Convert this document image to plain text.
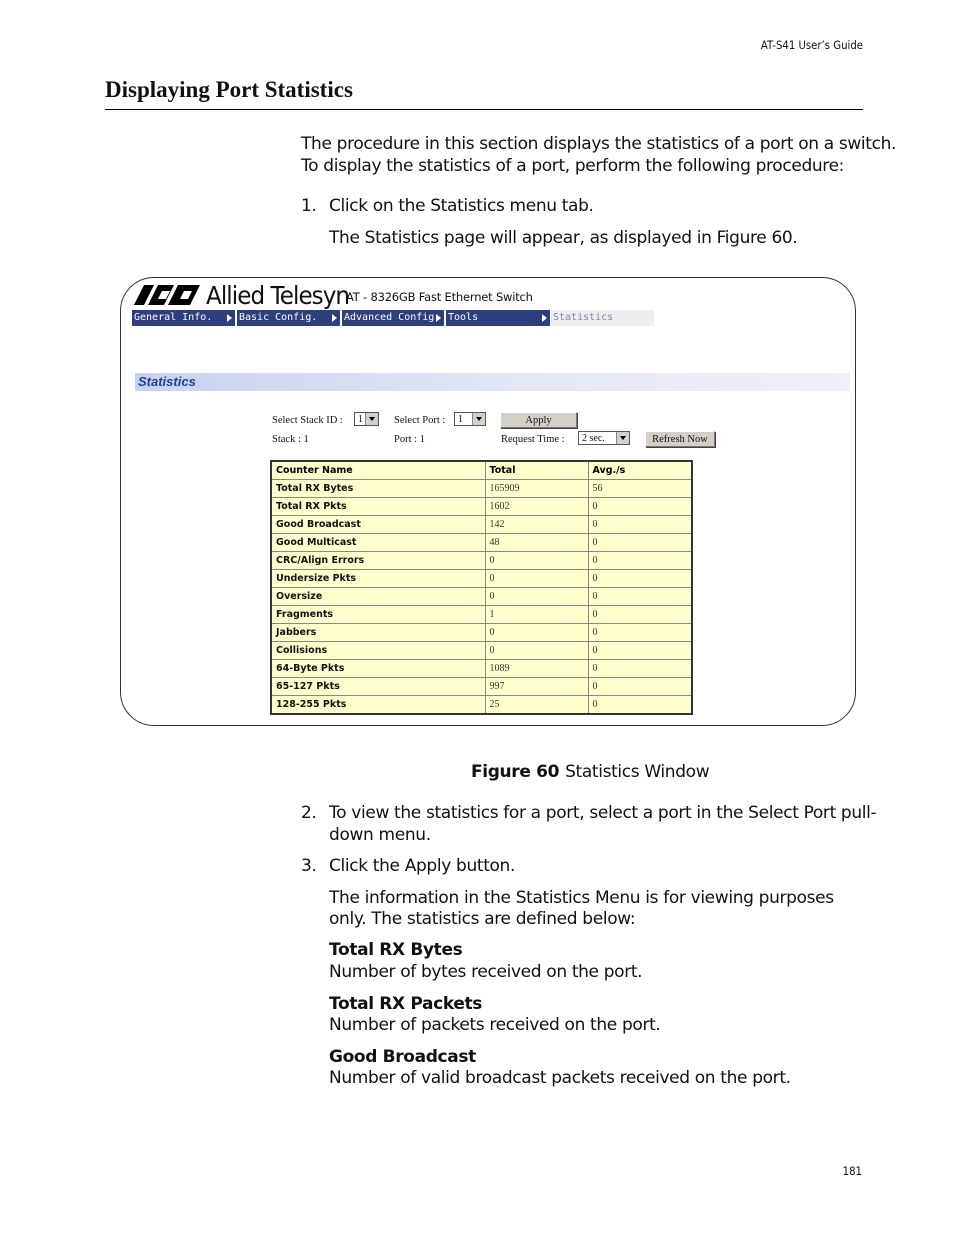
AT-S41 User’s Guide
Displaying Port Statistics
The procedure in this section displays the statistics of a port on a switch.
To display the statistics of a port, perform the following procedure:
1. Click on the Statistics menu tab.
The Statistics page will appear, as displayed in Figure 60.
Allied Telesyn
AT - 8326GB Fast Ethernet Switch
General Info.	Basic Config.	Advanced Config. Tools	Statistics
Statistics
Select Stack ID :	1	Select Port :	1	Apply
Stack : 1	Port : 1	Request Time :	2 sec.	Refresh Now
Counter Name	Total	Avg./s
Total RX Bytes	165909	56
Total RX Pkts	1602	0
Good Broadcast	142	0
Good Multicast	48	0
CRC/Align Errors	0	0
Undersize Pkts	0	0
Oversize	0	0
Fragments	1	0
Jabbers	0	0
Collisions	0	0
64-Byte Pkts	1089	0
65-127 Pkts	997	0
128-255 Pkts	25	0
Figure 60 Statistics Window
2. To view the statistics for a port, select a port in the Select Port pull-
down menu.
3. Click the Apply button.
The information in the Statistics Menu is for viewing purposes
only. The statistics are defined below:
Total RX Bytes
Number of bytes received on the port.
Total RX Packets
Number of packets received on the port.
Good Broadcast
Number of valid broadcast packets received on the port.
181
